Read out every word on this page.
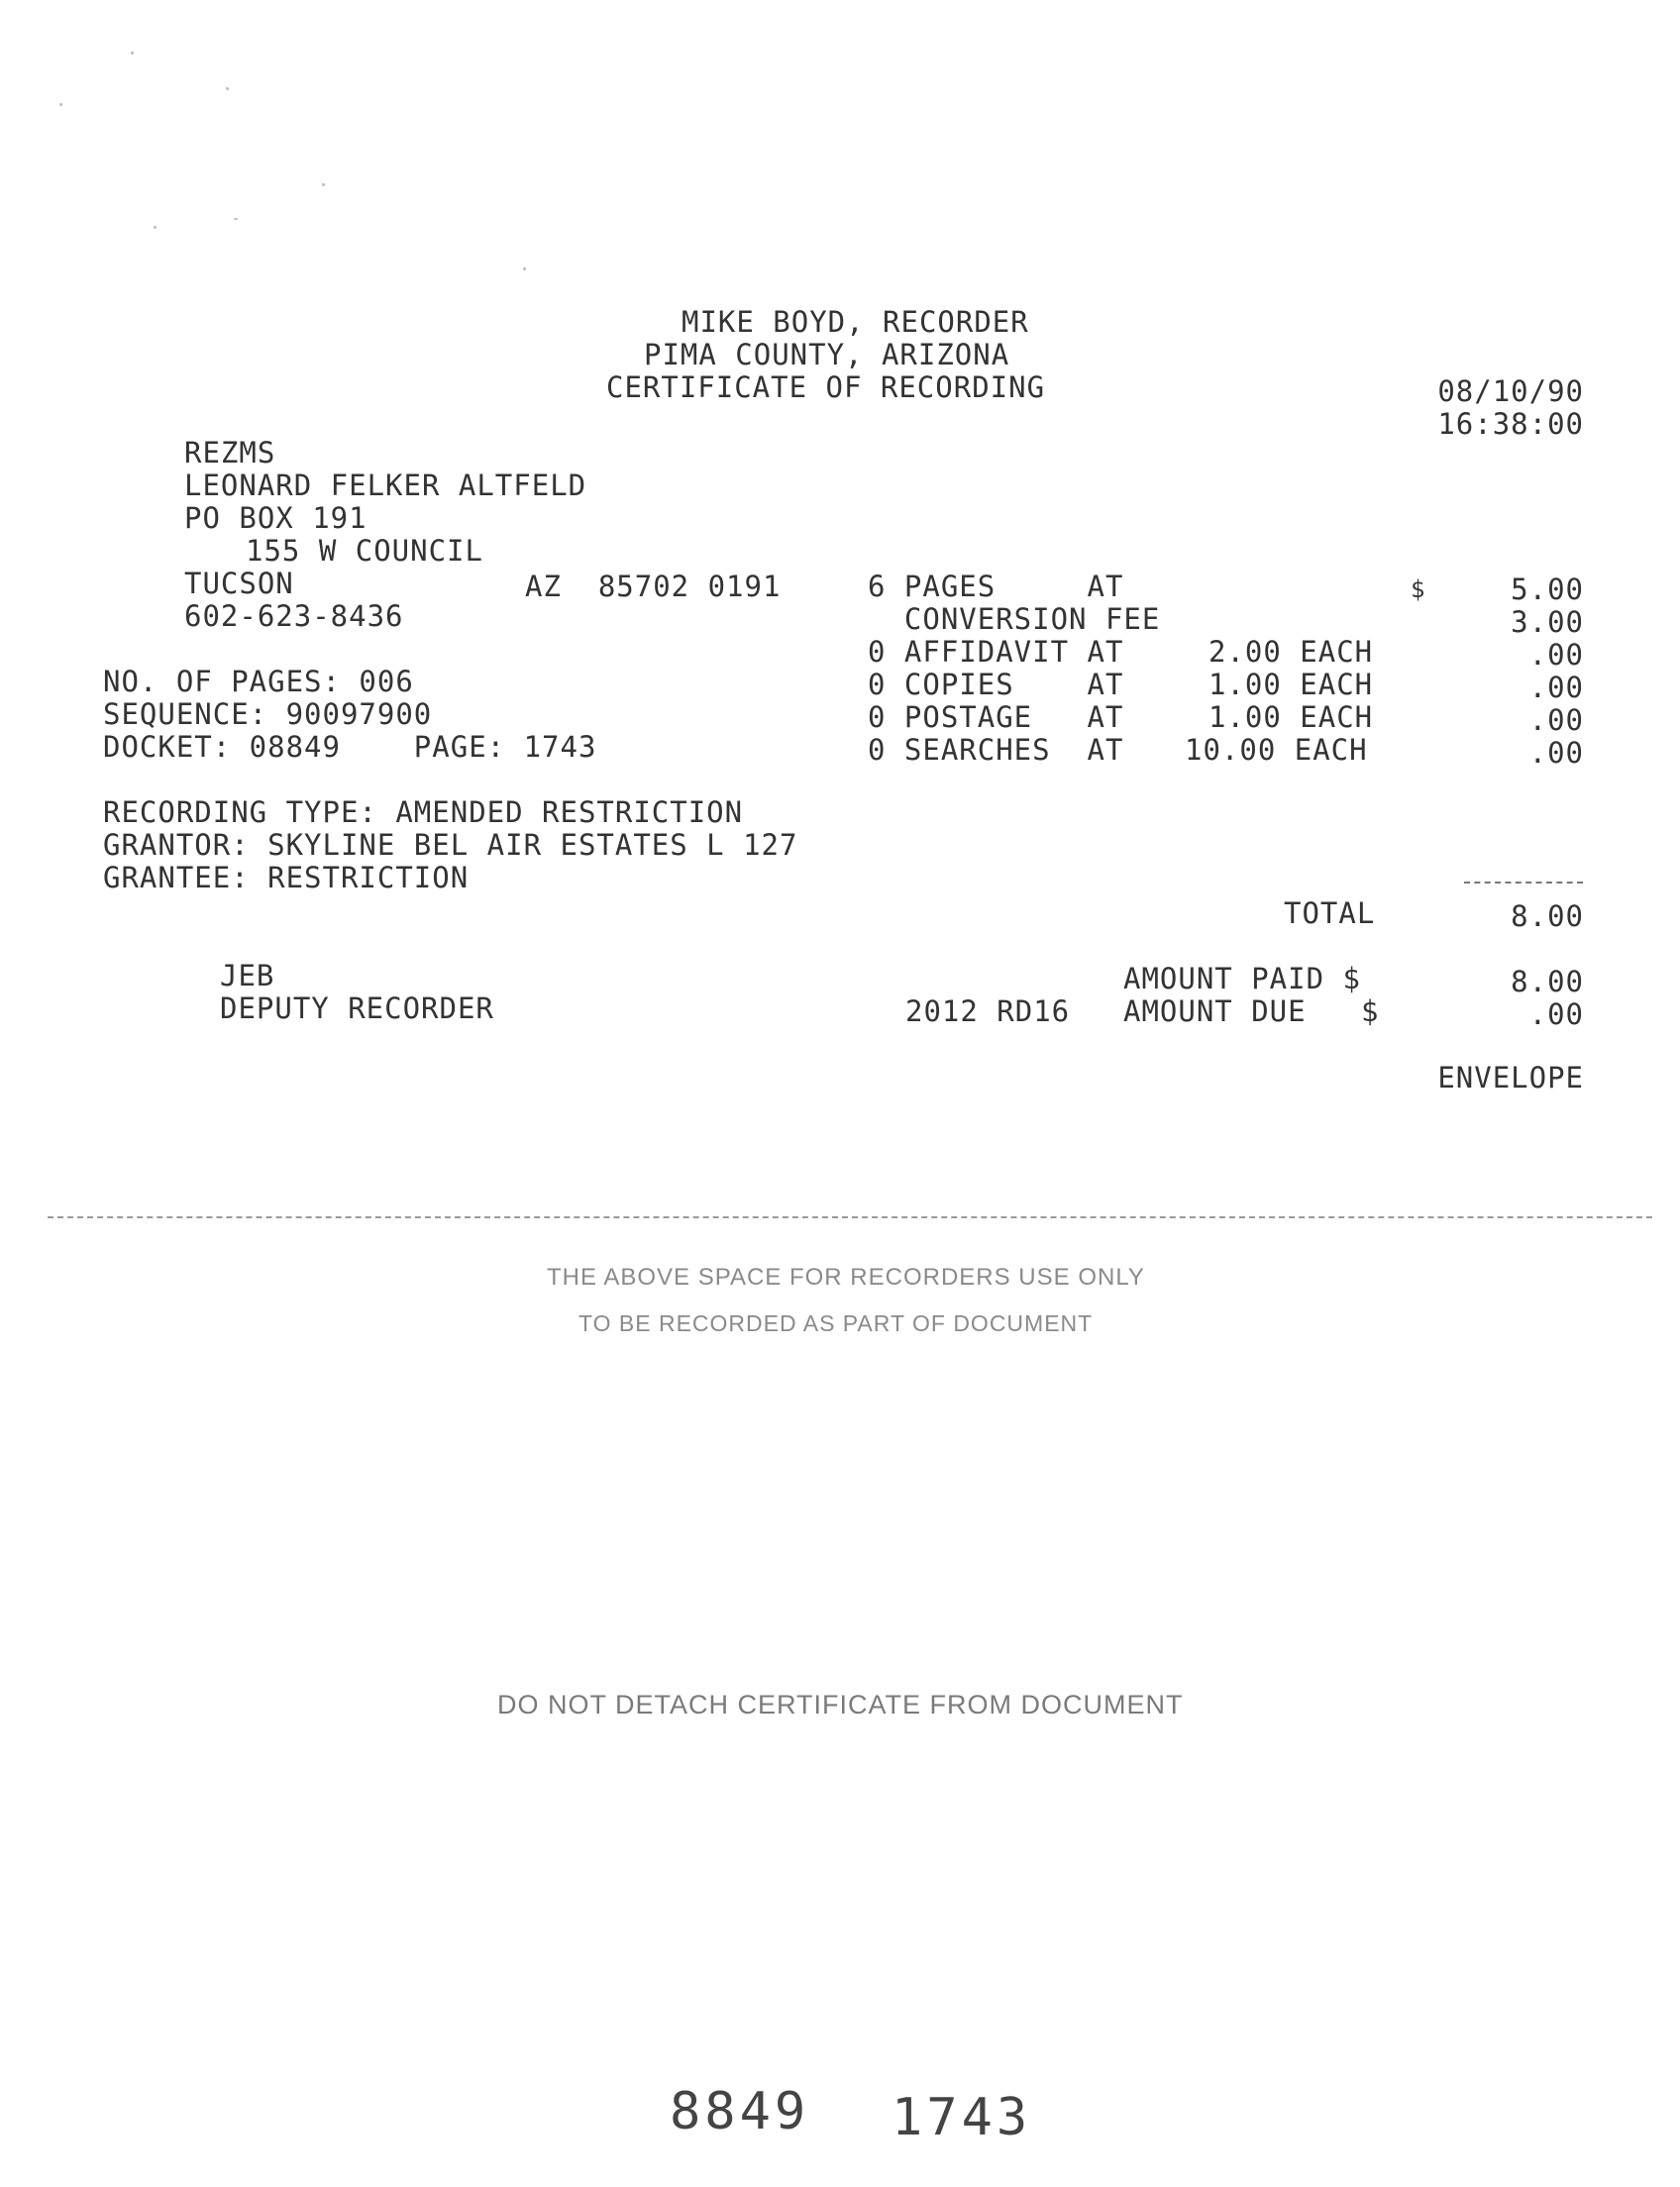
MIKE BOYD, RECORDER
PIMA COUNTY, ARIZONA
CERTIFICATE OF RECORDING	08/10/90
16:38:00
REZMS
LEONARD FELKER ALTFELD
PO BOX 191
155 W COUNCIL
TUCSON	AZ  85702 0191
602-623-8436
6 PAGES     AT	$	5.00
CONVERSION FEE	3.00
0 AFFIDAVIT AT	2.00 EACH	.00
0 COPIES    AT	1.00 EACH	.00
0 POSTAGE   AT	1.00 EACH	.00
0 SEARCHES  AT 10.00 EACH	.00
NO. OF PAGES: 006
SEQUENCE: 90097900
DOCKET: 08849    PAGE: 1743
RECORDING TYPE: AMENDED RESTRICTION
GRANTOR: SKYLINE BEL AIR ESTATES L 127
GRANTEE: RESTRICTION
TOTAL	8.00
JEB
DEPUTY RECORDER
AMOUNT PAID $	8.00
2012 RD16 AMOUNT DUE   $	.00
ENVELOPE
THE ABOVE SPACE FOR RECORDERS USE ONLY
TO BE RECORDED AS PART OF DOCUMENT
DO NOT DETACH CERTIFICATE FROM DOCUMENT
8849 1743
